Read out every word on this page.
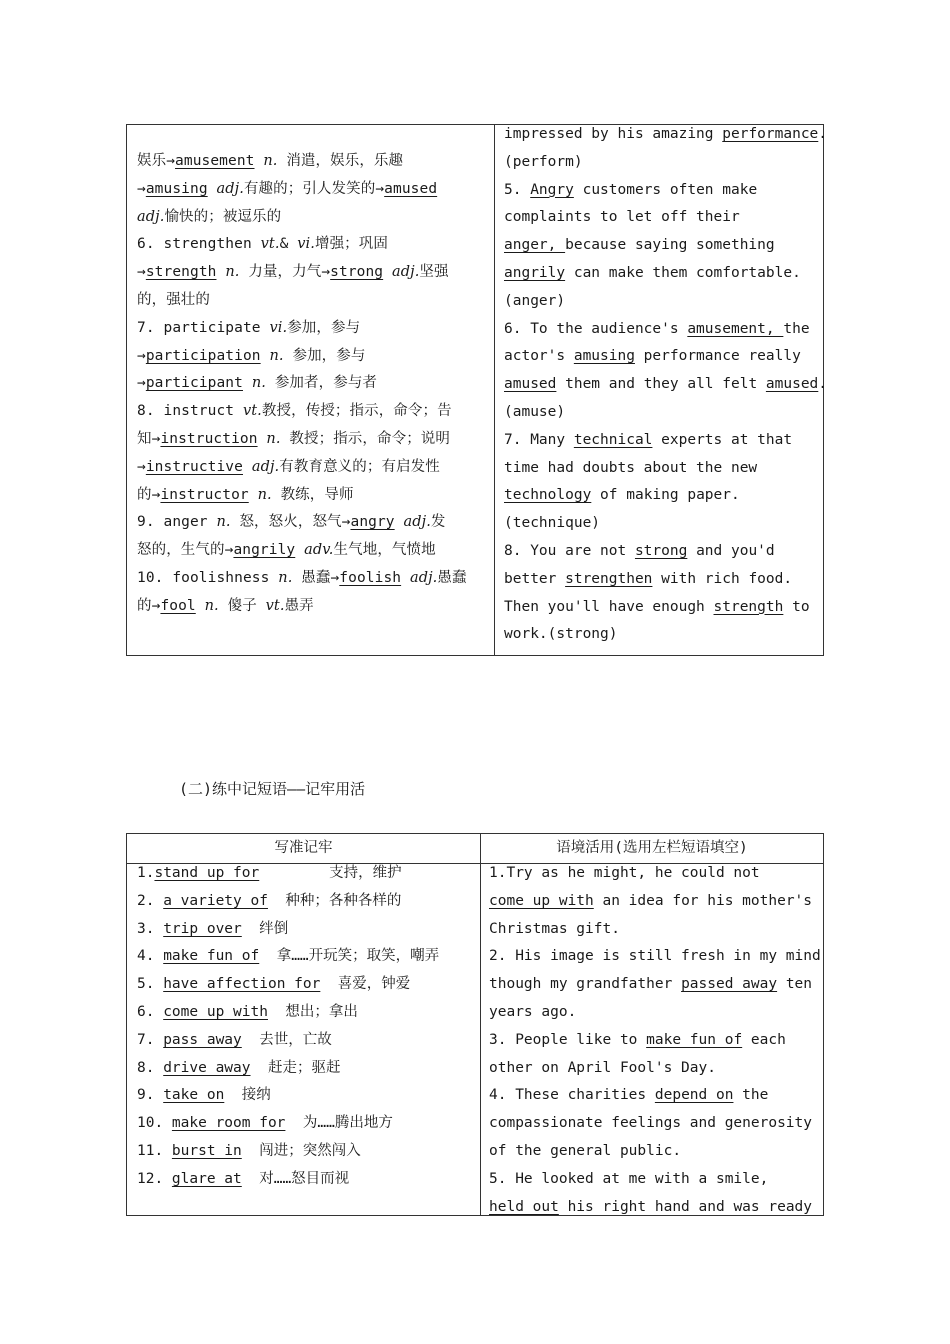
娱乐→amusement n. 消遣，娱乐，乐趣
→amusing adj.有趣的；引人发笑的→amused
adj.愉快的；被逗乐的
6. strengthen vt.& vi.增强；巩固
→strength n. 力量，力气→strong adj.坚强
的，强壮的
7. participate vi.参加，参与
→participation n. 参加，参与
→participant n. 参加者，参与者
8. instruct vt.教授，传授；指示，命令；告
知→instruction n. 教授；指示，命令；说明
→instructive adj.有教育意义的；有启发性
的→instructor n. 教练，导师
9. anger n. 怒，怒火，怒气→angry adj.发
怒的，生气的→angrily adv.生气地，气愤地
10. foolishness n. 愚蠢→foolish adj.愚蠢
的→fool n. 傻子 vt.愚弄
impressed by his amazing performance.
(perform)
5. Angry customers often make
complaints to let off their
anger, because saying something
angrily can make them comfortable.
(anger)
6. To the audience's amusement, the
actor's amusing performance really
amused them and they all felt amused.
(amuse)
7. Many technical experts at that
time had doubts about the new
technology of making paper.
(technique)
8. You are not strong and you'd
better strengthen with rich food.
Then you'll have enough strength to
work.(strong)
(二)练中记短语——记牢用活
写准记牢	语境活用(选用左栏短语填空)
1.stand up for        支持，维护
2. a variety of  种种；各种各样的
3. trip over  绊倒
4. make fun of  拿……开玩笑；取笑，嘲弄
5. have affection for  喜爱，钟爱
6. come up with  想出；拿出
7. pass away  去世，亡故
8. drive away  赶走；驱赶
9. take on  接纳
10. make room for  为……腾出地方
11. burst in  闯进；突然闯入
12. glare at  对……怒目而视
1.Try as he might, he could not
come up with an idea for his mother's
Christmas gift.
2. His image is still fresh in my mind
though my grandfather passed away ten
years ago.
3. People like to make fun of each
other on April Fool's Day.
4. These charities depend on the
compassionate feelings and generosity
of the general public.
5. He looked at me with a smile,
held out his right hand and was ready
